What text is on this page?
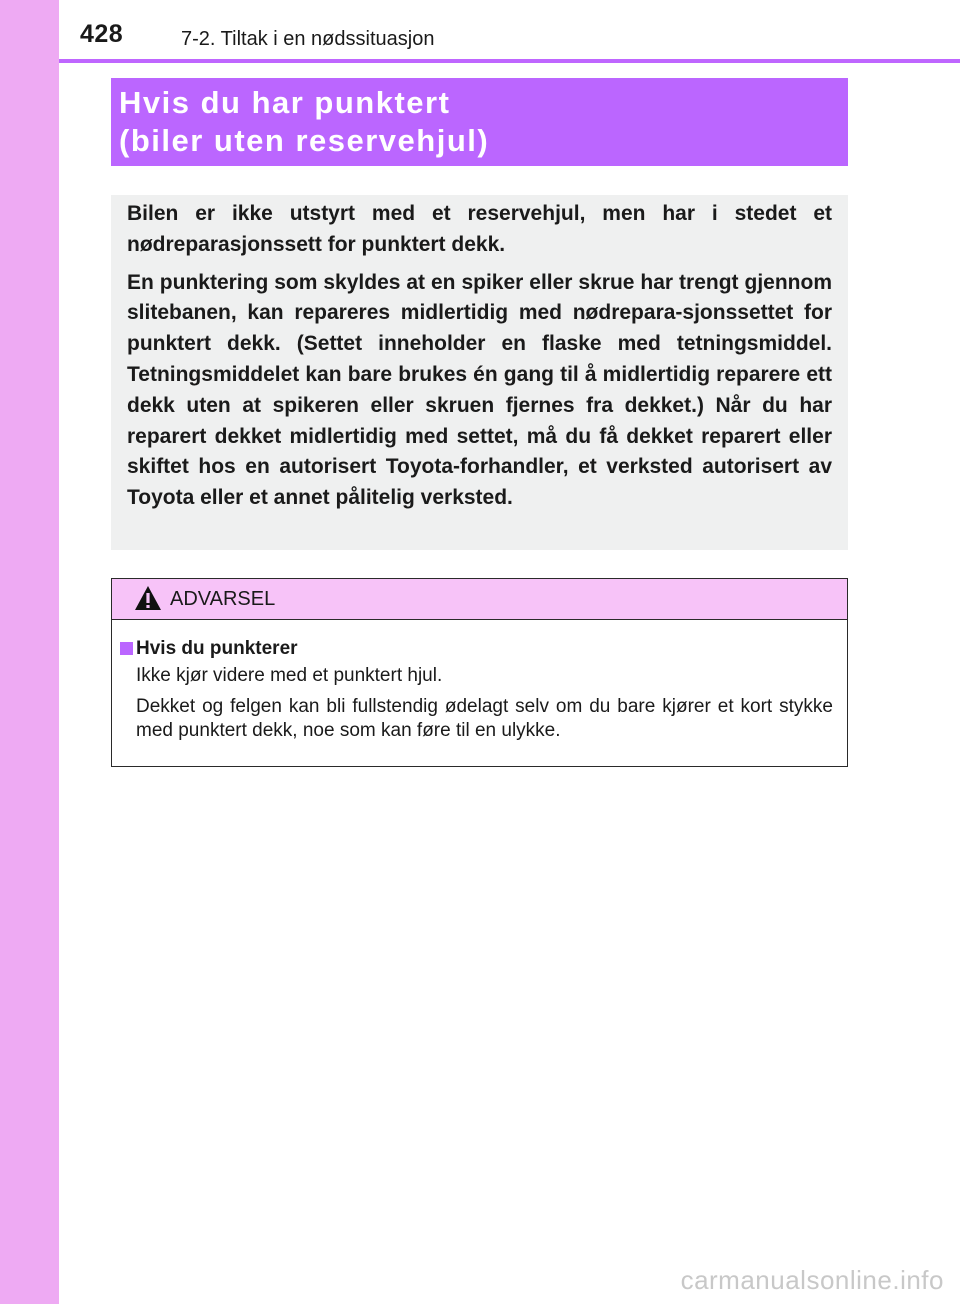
428	7-2. Tiltak i en nødssituasjon
Hvis du har punktert
(biler uten reservehjul)

Bilen er ikke utstyrt med et reservehjul, men har i stedet et nødreparasjonssett for punktert dekk.

En punktering som skyldes at en spiker eller skrue har trengt gjennom slitebanen, kan repareres midlertidig med nødrepara-sjonssettet for punktert dekk. (Settet inneholder en flaske med tetningsmiddel. Tetningsmiddelet kan bare brukes én gang til å midlertidig reparere ett dekk uten at spikeren eller skruen fjernes fra dekket.) Når du har reparert dekket midlertidig med settet, må du få dekket reparert eller skiftet hos en autorisert Toyota-forhandler, et verksted autorisert av Toyota eller et annet pålitelig verksted.

ADVARSEL

Hvis du punkterer

Ikke kjør videre med et punktert hjul.

Dekket og felgen kan bli fullstendig ødelagt selv om du bare kjører et kort stykke med punktert dekk, noe som kan føre til en ulykke.

carmanualsonline.info
